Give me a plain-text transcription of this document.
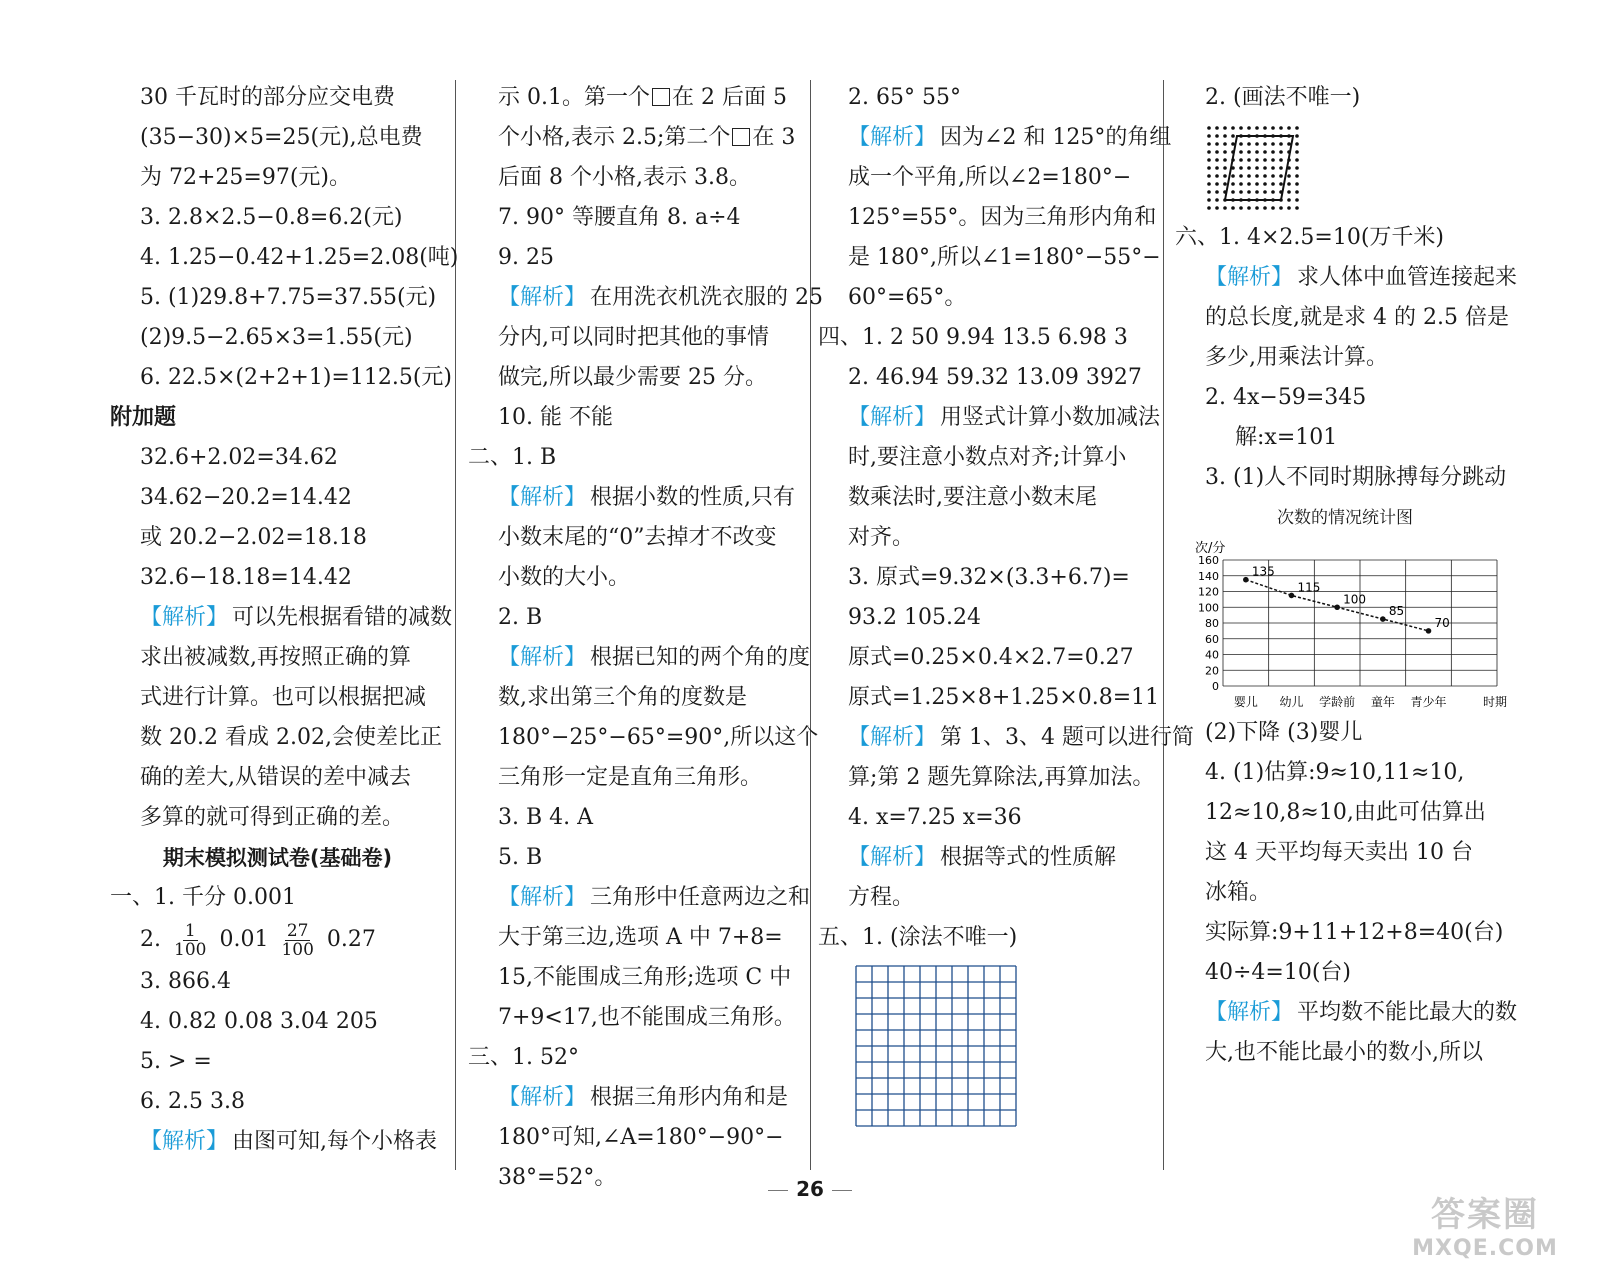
30 千瓦时的部分应交电费
(35−30)×5=25(元),总电费
为 72+25=97(元)。
3. 2.8×2.5−0.8=6.2(元)
4. 1.25−0.42+1.25=2.08(吨)
5. (1)29.8+7.75=37.55(元)
(2)9.5−2.65×3=1.55(元)
6. 22.5×(2+2+1)=112.5(元)
附加题
32.6+2.02=34.62
34.62−20.2=14.42
或 20.2−2.02=18.18
32.6−18.18=14.42
【解析】 可以先根据看错的减数
求出被减数,再按照正确的算
式进行计算。也可以根据把减
数 20.2 看成 2.02,会使差比正
确的差大,从错误的差中减去
多算的就可得到正确的差。
期末模拟测试卷(基础卷)
一、1. 千分 0.001
2. $\frac{1}{100} 0.01 \frac{27}{100} 0.27$
3. 866.4
4. 0.82 0.08 3.04 205
5. > =
6. 2.5 3.8
【解析】 由图可知,每个小格表
示 0.1。第一个 在 2 后面 5
个小格,表示 2.5;第二个 在 3
后面 8 个小格,表示 3.8。
7. 90° 等腰直角 8. a÷4
9. 25
【解析】 在用洗衣机洗衣服的 25
分内,可以同时把其他的事情
做完,所以最少需要 25 分。
10. 能 不能
二、1. B
【解析】 根据小数的性质,只有
小数末尾的“0”去掉才不改变
小数的大小。
2. B
【解析】 根据已知的两个角的度
数,求出第三个角的度数是
180°−25°−65°=90°,所以这个
三角形一定是直角三角形。
3. B 4. A
5. B
【解析】 三角形中任意两边之和
大于第三边,选项 A 中 7+8=
15,不能围成三角形;选项 C 中
7+9<17,也不能围成三角形。
三、1. 52°
【解析】 根据三角形内角和是
180°可知,∠A=180°−90°−
38°=52°。
2. 65° 55°
【解析】 因为∠2 和 125°的角组
成一个平角,所以∠2=180°−
125°=55°。因为三角形内角和
是 180°,所以∠1=180°−55°−
60°=65°。
四、1. 2 50 9.94 13.5 6.98 3
2. 46.94 59.32 13.09 3927
【解析】 用竖式计算小数加减法
时,要注意小数点对齐;计算小
数乘法时,要注意小数末尾
对齐。
3. 原式=9.32×(3.3+6.7)=
93.2 105.24
原式=0.25×0.4×2.7=0.27
原式=1.25×8+1.25×0.8=11
【解析】 第 1、3、4 题可以进行简
算;第 2 题先算除法,再算加法。
4. x=7.25 x=36
【解析】 根据等式的性质解
方程。
五、1. (涂法不唯一)
2. (画法不唯一)
六、1. 4×2.5=10(万千米)
【解析】 求人体中血管连接起来
的总长度,就是求 4 的 2.5 倍是
多少,用乘法计算。
2. 4x−59=345
解:x=101
3. (1)人不同时期脉搏每分跳动
次数的情况统计图
次/分
0
20
40
60
80
100
120
140
160
婴儿 幼儿 学龄前 童年 青少年
135
115
100
85
70
时期
(2)下降 (3)婴儿
4. (1)估算:9≈10,11≈10,
12≈10,8≈10,由此可估算出
这 4 天平均每天卖出 10 台
冰箱。
实际算:9+11+12+8=40(台)
40÷4=10(台)
【解析】 平均数不能比最大的数
大,也不能比最小的数小,所以
26
答案圈
MXQE.COM
